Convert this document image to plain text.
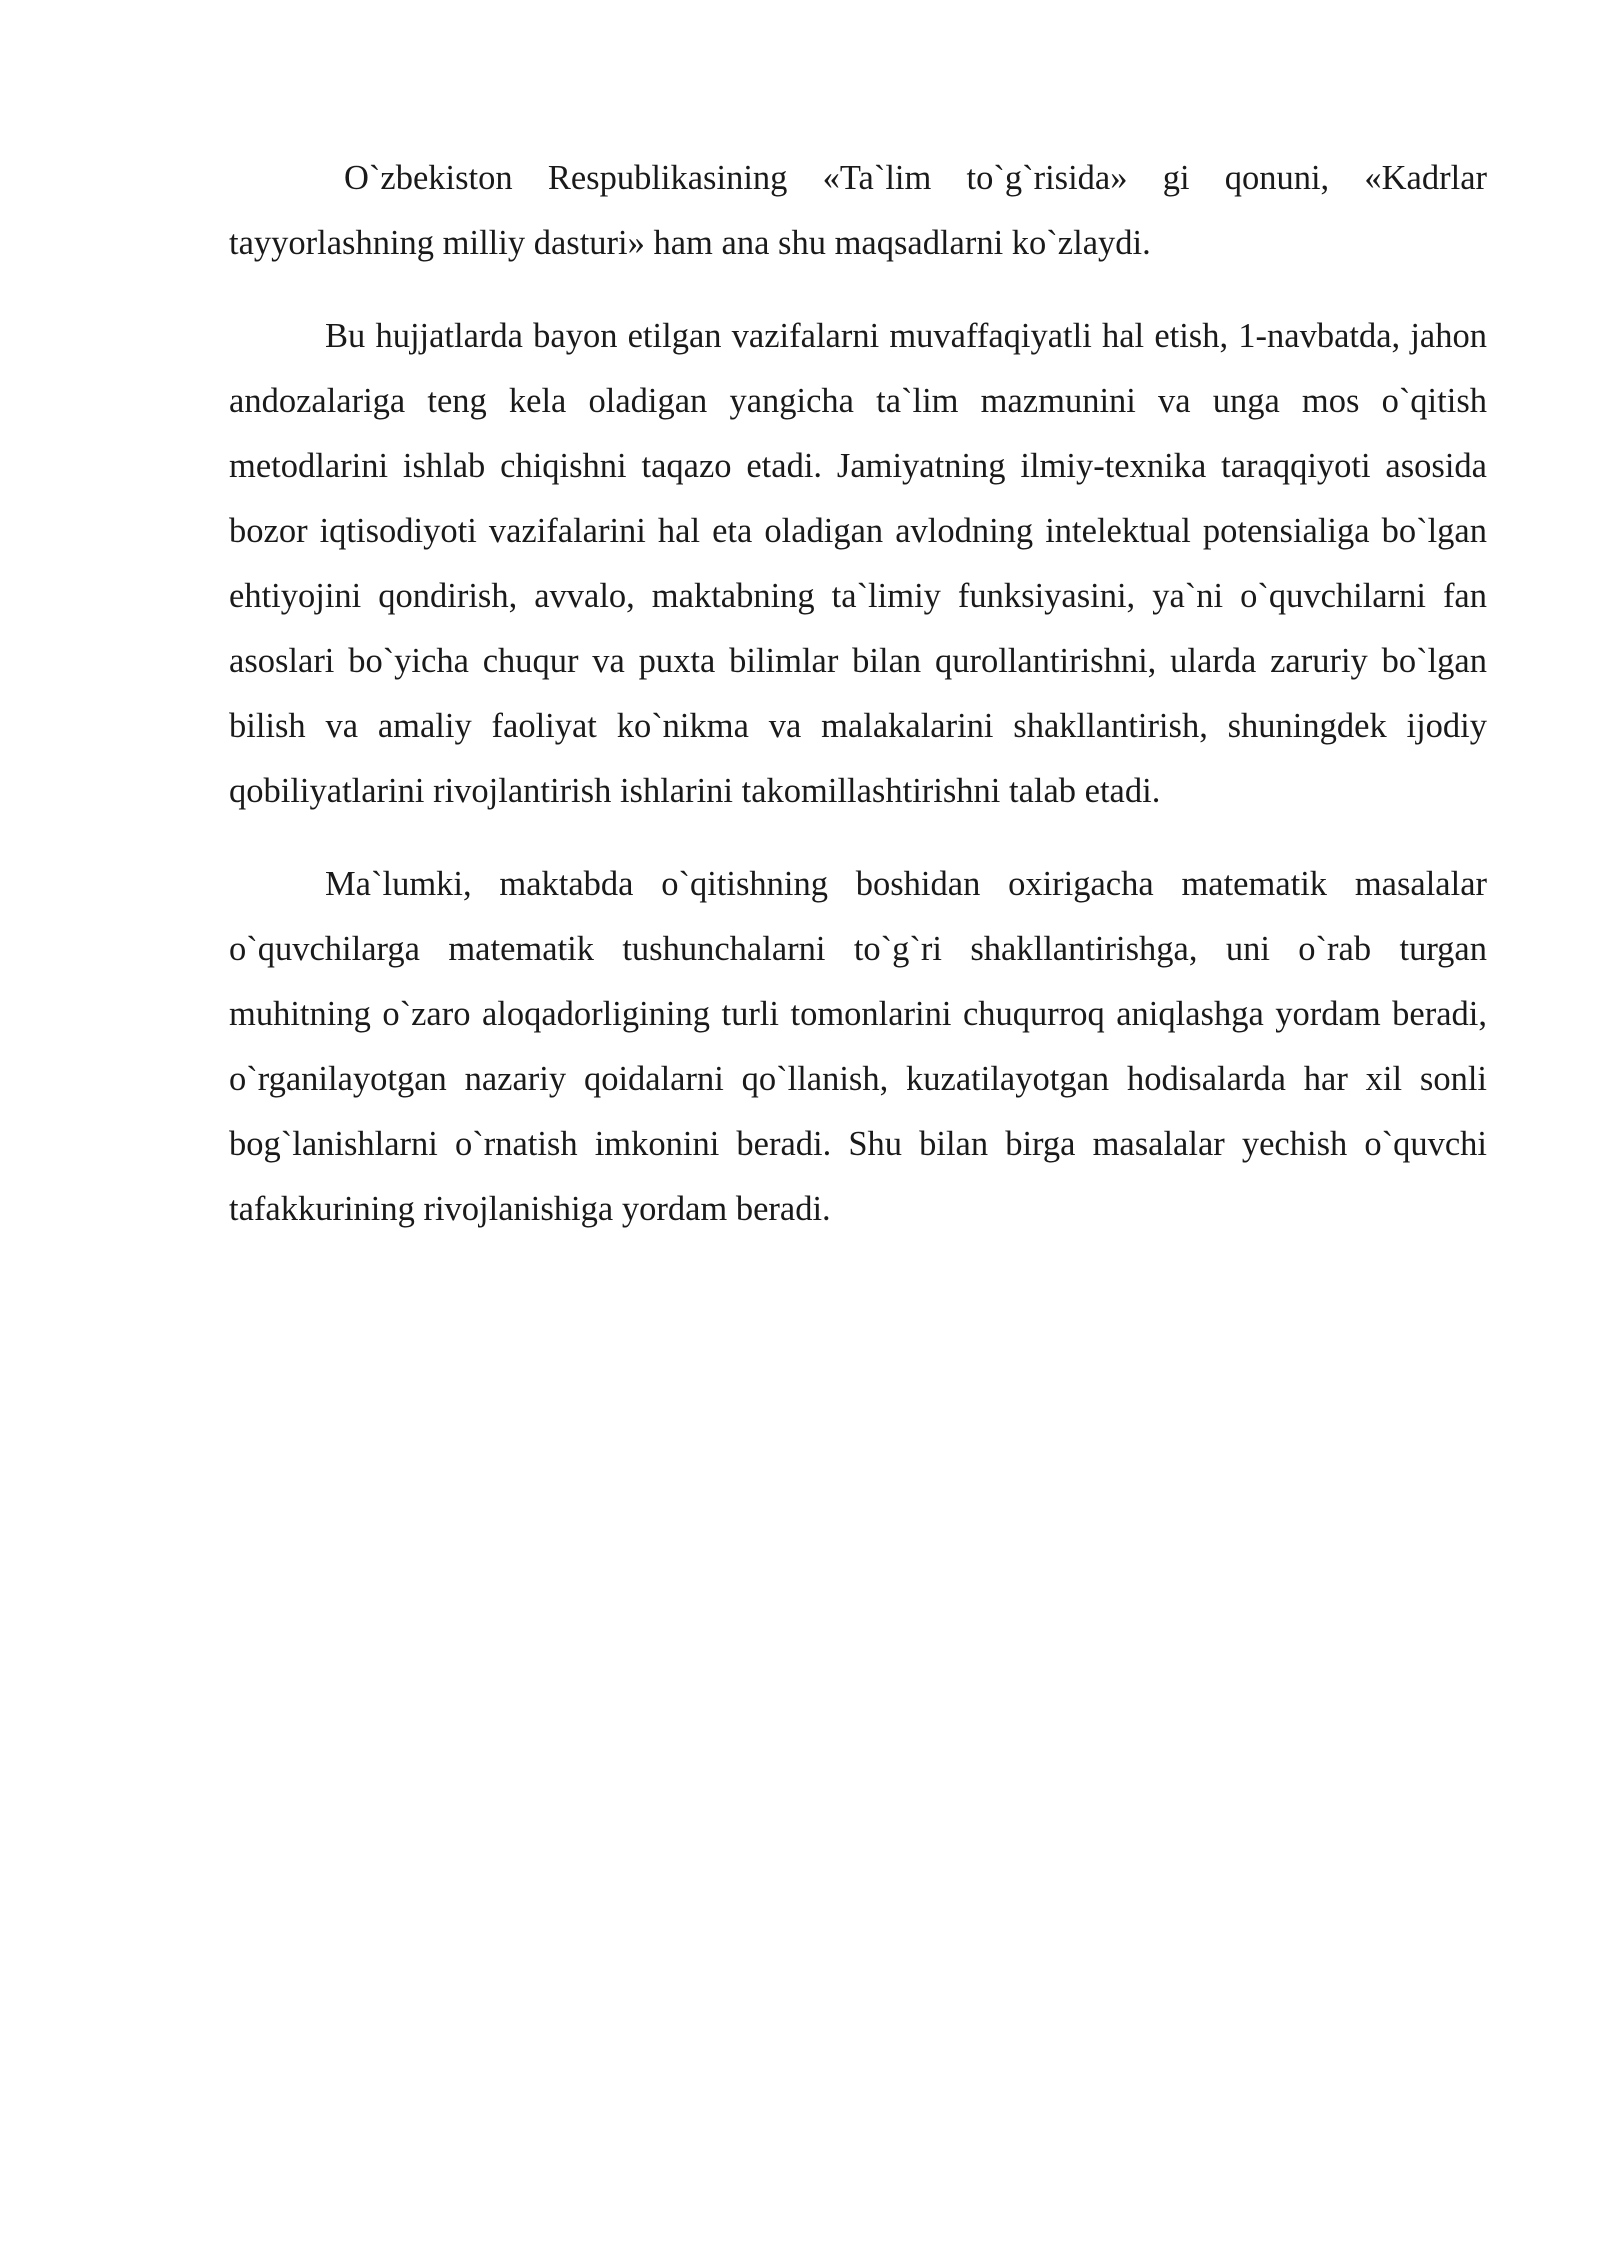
O`zbekiston Respublikasining «Ta`lim to`g`risida» gi qonuni, «Kadrlar tayyorlashning milliy dasturi» ham ana shu maqsadlarni ko`zlaydi.

Bu hujjatlarda bayon etilgan vazifalarni muvaffaqiyatli hal etish, 1-navbatda, jahon andozalariga teng kela oladigan yangicha ta`lim mazmunini va unga mos o`qitish metodlarini ishlab chiqishni taqazo etadi. Jamiyatning ilmiy-texnika taraqqiyoti asosida bozor iqtisodiyoti vazifalarini hal eta oladigan avlodning intelektual potensialiga bo`lgan ehtiyojini qondirish, avvalo, maktabning ta`limiy funksiyasini, ya`ni o`quvchilarni fan asoslari bo`yicha chuqur va puxta bilimlar bilan qurollantirishni, ularda zaruriy bo`lgan bilish va amaliy faoliyat ko`nikma va malakalarini shakllantirish, shuningdek ijodiy qobiliyatlarini rivojlantirish ishlarini takomillashtirishni talab etadi.

Ma`lumki, maktabda o`qitishning boshidan oxirigacha matematik masalalar o`quvchilarga matematik tushunchalarni to`g`ri shakllantirishga, uni o`rab turgan muhitning o`zaro aloqadorligining turli tomonlarini chuqurroq aniqlashga yordam beradi, o`rganilayotgan nazariy qoidalarni qo`llanish, kuzatilayotgan hodisalarda har xil sonli bog`lanishlarni o`rnatish imkonini beradi. Shu bilan birga masalalar yechish o`quvchi tafakkurining rivojlanishiga yordam beradi.
